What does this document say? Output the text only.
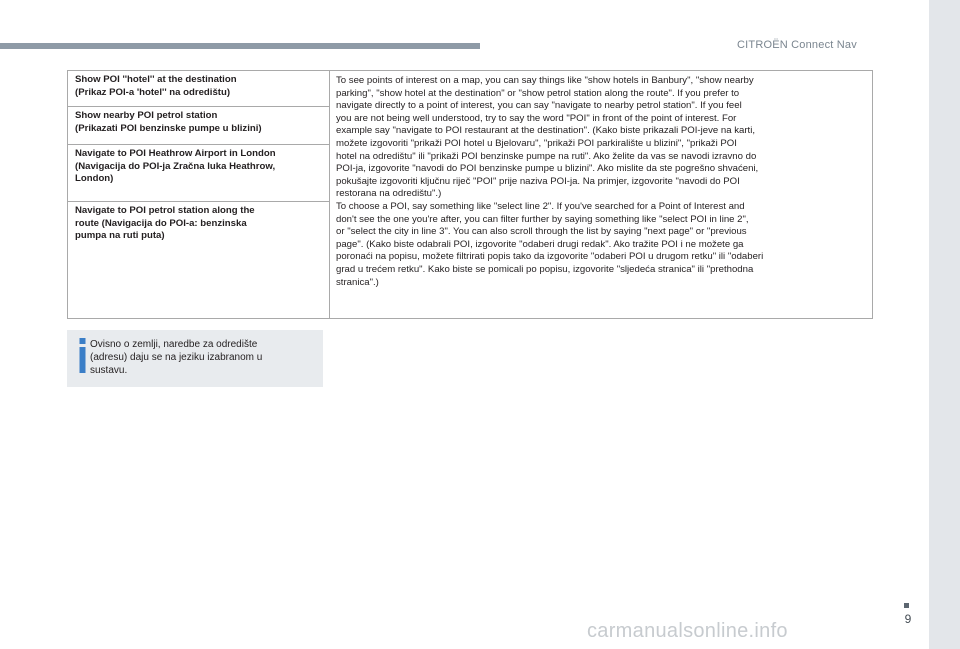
CITROËN Connect Nav
9
Show POI ''hotel'' at the destination
(Prikaz POI-a 'hotel'' na odredištu)
Show nearby POI petrol station
(Prikazati POI benzinske pumpe u blizini)
Navigate to POI Heathrow Airport in London
(Navigacija do POI-ja Zračna luka Heathrow,
London)
Navigate to POI petrol station along the
route (Navigacija do POI-a: benzinska
pumpa na ruti puta)
To see points of interest on a map, you can say things like "show hotels in Banbury", "show nearby
parking", "show hotel at the destination" or "show petrol station along the route". If you prefer to
navigate directly to a point of interest, you can say "navigate to nearby petrol station". If you feel
you are not being well understood, try to say the word "POI" in front of the point of interest. For
example say "navigate to POI restaurant at the destination". (Kako biste prikazali POI-jeve na karti,
možete izgovoriti "prikaži POI hotel u Bjelovaru", "prikaži POI parkiralište u blizini", "prikaži POI
hotel na odredištu" ili "prikaži POI benzinske pumpe na ruti". Ako želite da vas se navodi izravno do
POI-ja, izgovorite "navodi do POI benzinske pumpe u blizini". Ako mislite da ste pogrešno shvaćeni,
pokušajte izgovoriti ključnu riječ "POI" prije naziva POI-ja. Na primjer, izgovorite "navodi do POI
restorana na odredištu".)
To choose a POI, say something like "select line 2". If you've searched for a Point of Interest and
don't see the one you're after, you can filter further by saying something like "select POI in line 2",
or "select the city in line 3". You can also scroll through the list by saying "next page" or "previous
page". (Kako biste odabrali POI, izgovorite "odaberi drugi redak". Ako tražite POI i ne možete ga
poronaći na popisu, možete filtrirati popis tako da izgovorite "odaberi POI u drugom retku" ili "odaberi
grad u trećem retku". Kako biste se pomicali po popisu, izgovorite "sljedeća stranica" ili "prethodna
stranica".)
Ovisno o zemlji, naredbe za odredište
(adresu) daju se na jeziku izabranom u
sustavu.
carmanualsonline.info
